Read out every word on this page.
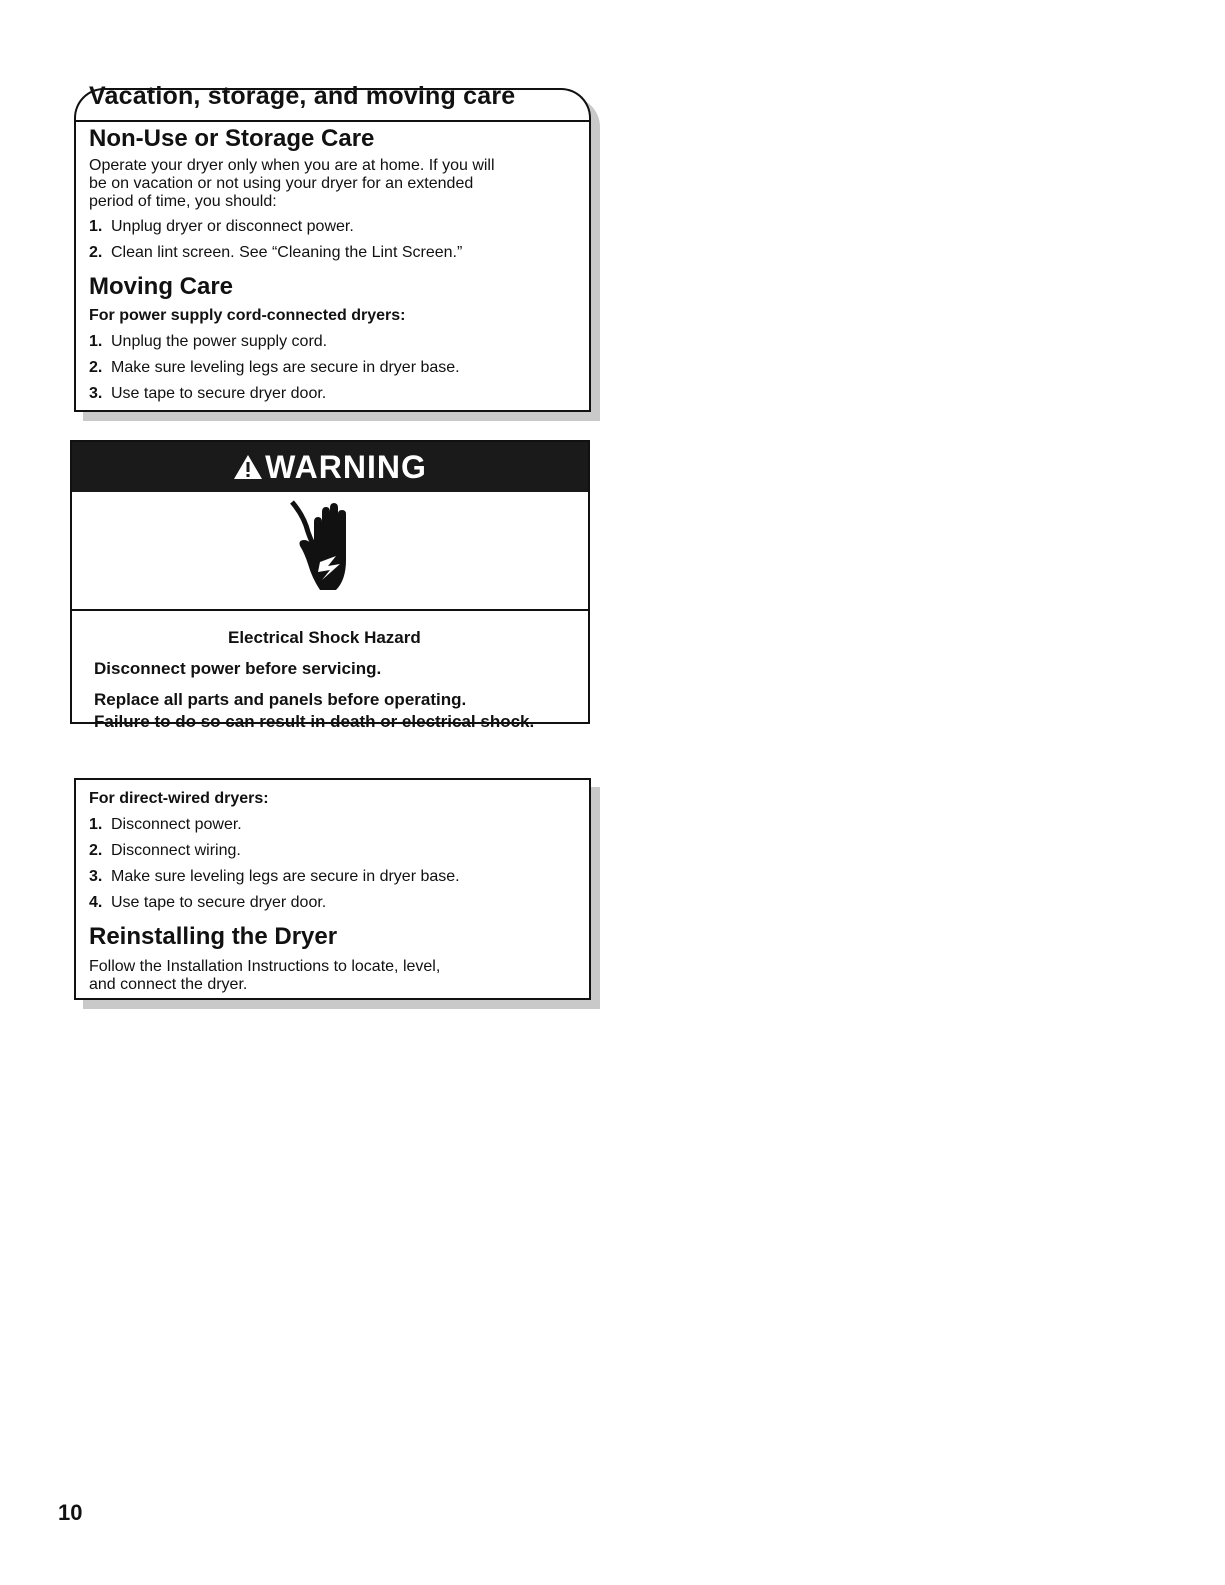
Vacation, storage, and moving care
Non-Use or Storage Care
Operate your dryer only when you are at home. If you will
be on vacation or not using your dryer for an extended
period of time, you should:
1. Unplug dryer or disconnect power.
2. Clean lint screen. See “Cleaning the Lint Screen.”
Moving Care
For power supply cord-connected dryers:
1. Unplug the power supply cord.
2. Make sure leveling legs are secure in dryer base.
3. Use tape to secure dryer door.
WARNING
Electrical Shock Hazard
Disconnect power before servicing.
Replace all parts and panels before operating.
Failure to do so can result in death or electrical shock.
For direct-wired dryers:
1. Disconnect power.
2. Disconnect wiring.
3. Make sure leveling legs are secure in dryer base.
4. Use tape to secure dryer door.
Reinstalling the Dryer
Follow the Installation Instructions to locate, level,
and connect the dryer.
10
